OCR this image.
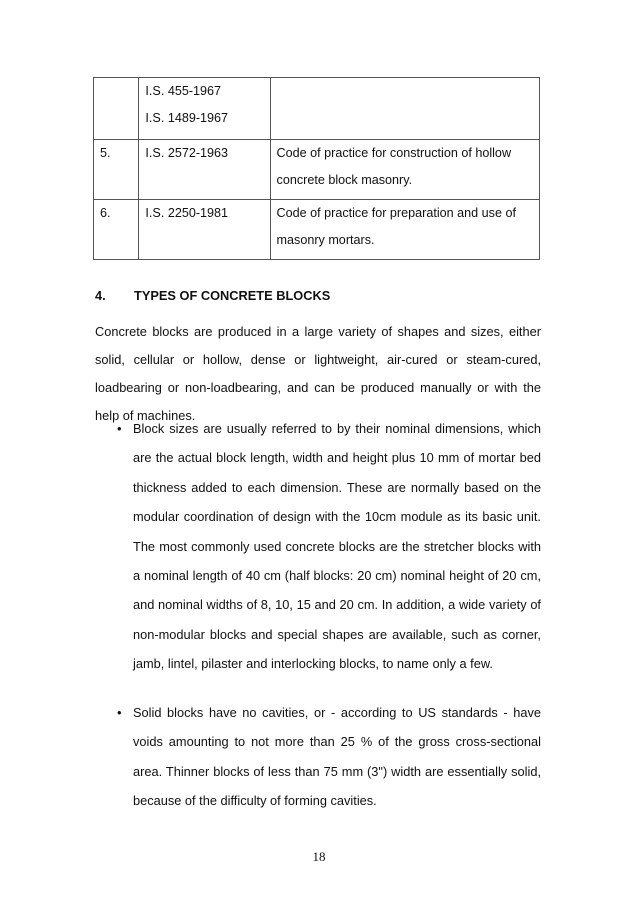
	I.S. 455-1967
I.S. 1489-1967	

5.	I.S. 2572-1963	Code of practice for construction of hollow
concrete block masonry.

6.	I.S. 2250-1981	Code of practice for preparation and use of
masonry mortars.
4. TYPES OF CONCRETE BLOCKS
Concrete blocks are produced in a large variety of shapes and sizes, either solid, cellular or hollow, dense or lightweight, air-cured or steam-cured, loadbearing or non-loadbearing, and can be produced manually or with the help of machines.
• Block sizes are usually referred to by their nominal dimensions, which are the actual block length, width and height plus 10 mm of mortar bed thickness added to each dimension. These are normally based on the modular coordination of design with the 10cm module as its basic unit. The most commonly used concrete blocks are the stretcher blocks with a nominal length of 40 cm (half blocks: 20 cm) nominal height of 20 cm, and nominal widths of 8, 10, 15 and 20 cm. In addition, a wide variety of non-modular blocks and special shapes are available, such as corner, jamb, lintel, pilaster and interlocking blocks, to name only a few.
• Solid blocks have no cavities, or - according to US standards - have voids amounting to not more than 25 % of the gross cross-sectional area. Thinner blocks of less than 75 mm (3") width are essentially solid, because of the difficulty of forming cavities.
18
